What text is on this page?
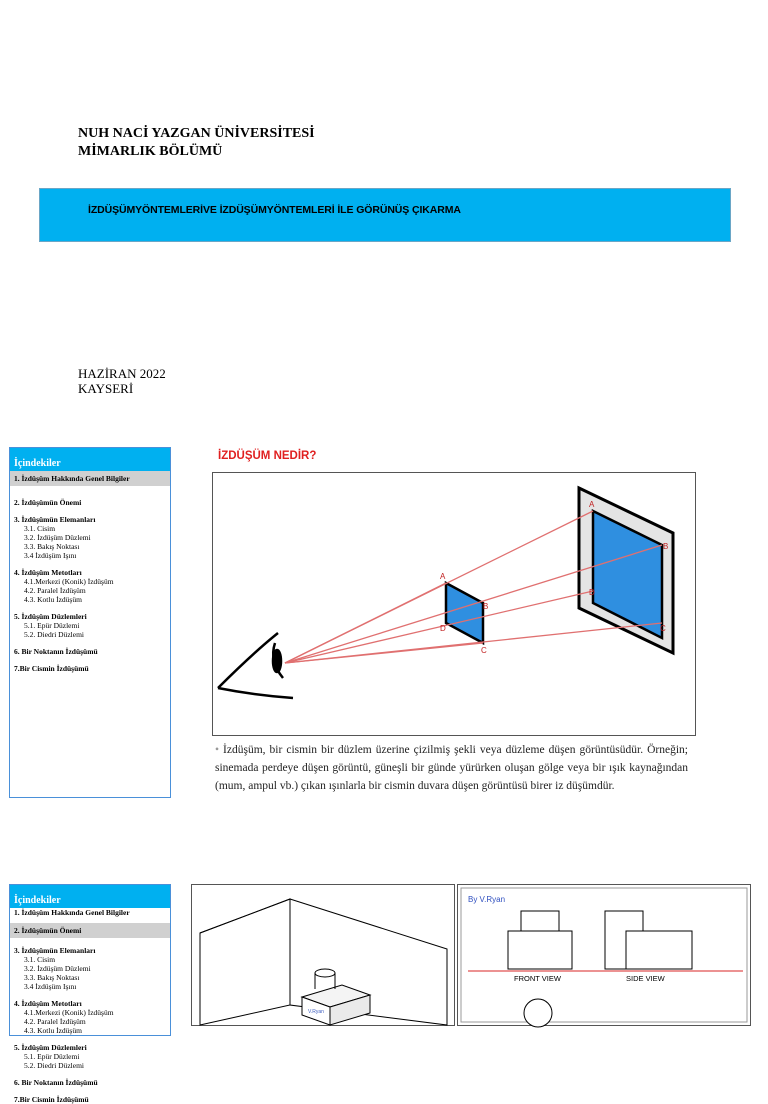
NUH NACİ YAZGAN ÜNİVERSİTESİ
MİMARLIK BÖLÜMÜ
İZDÜŞÜMYÖNTEMLERİVE İZDÜŞÜMYÖNTEMLERİ İLE GÖRÜNÜŞ ÇIKARMA
HAZİRAN 2022
KAYSERİ
İçindekiler
1. İzdüşüm Hakkında Genel Bilgiler
2. İzdüşümün Önemi
3. İzdüşümün Elemanları
3.1. Cisim
3.2. İzdüşüm Düzlemi
3.3. Bakış Noktası
3.4 İzdüşüm Işını
4. İzdüşüm Metotları
4.1.Merkezi (Konik) İzdüşüm
4.2. Paralel İzdüşüm
4.3. Kotlu İzdüşüm
5. İzdüşüm Düzlemleri
5.1. Epür Düzlemi
5.2. Diedri Düzlemi
6. Bir Noktanın İzdüşümü
7.Bir Cismin İzdüşümü
İZDÜŞÜM NEDİR?
A
B
C
D
A
B
C
D
• İzdüşüm, bir cismin bir düzlem üzerine çizilmiş şekli veya düzleme düşen görüntüsüdür. Örneğin; sinemada perdeye düşen görüntü, güneşli bir günde yürürken oluşan gölge veya bir ışık kaynağından (mum, ampul vb.) çıkan ışınlarla bir cismin duvara düşen görüntüsü birer iz düşümdür.
İçindekiler
1. İzdüşüm Hakkında Genel Bilgiler
2. İzdüşümün Önemi
3. İzdüşümün Elemanları
3.1. Cisim
3.2. İzdüşüm Düzlemi
3.3. Bakış Noktası
3.4 İzdüşüm Işını
4. İzdüşüm Metotları
4.1.Merkezi (Konik) İzdüşüm
4.2. Paralel İzdüşüm
4.3. Kotlu İzdüşüm
5. İzdüşüm Düzlemleri
5.1. Epür Düzlemi
5.2. Diedri Düzlemi
6. Bir Noktanın İzdüşümü
7.Bir Cismin İzdüşümü
V.Ryan
By V.Ryan
FRONT VIEW	SIDE VIEW
